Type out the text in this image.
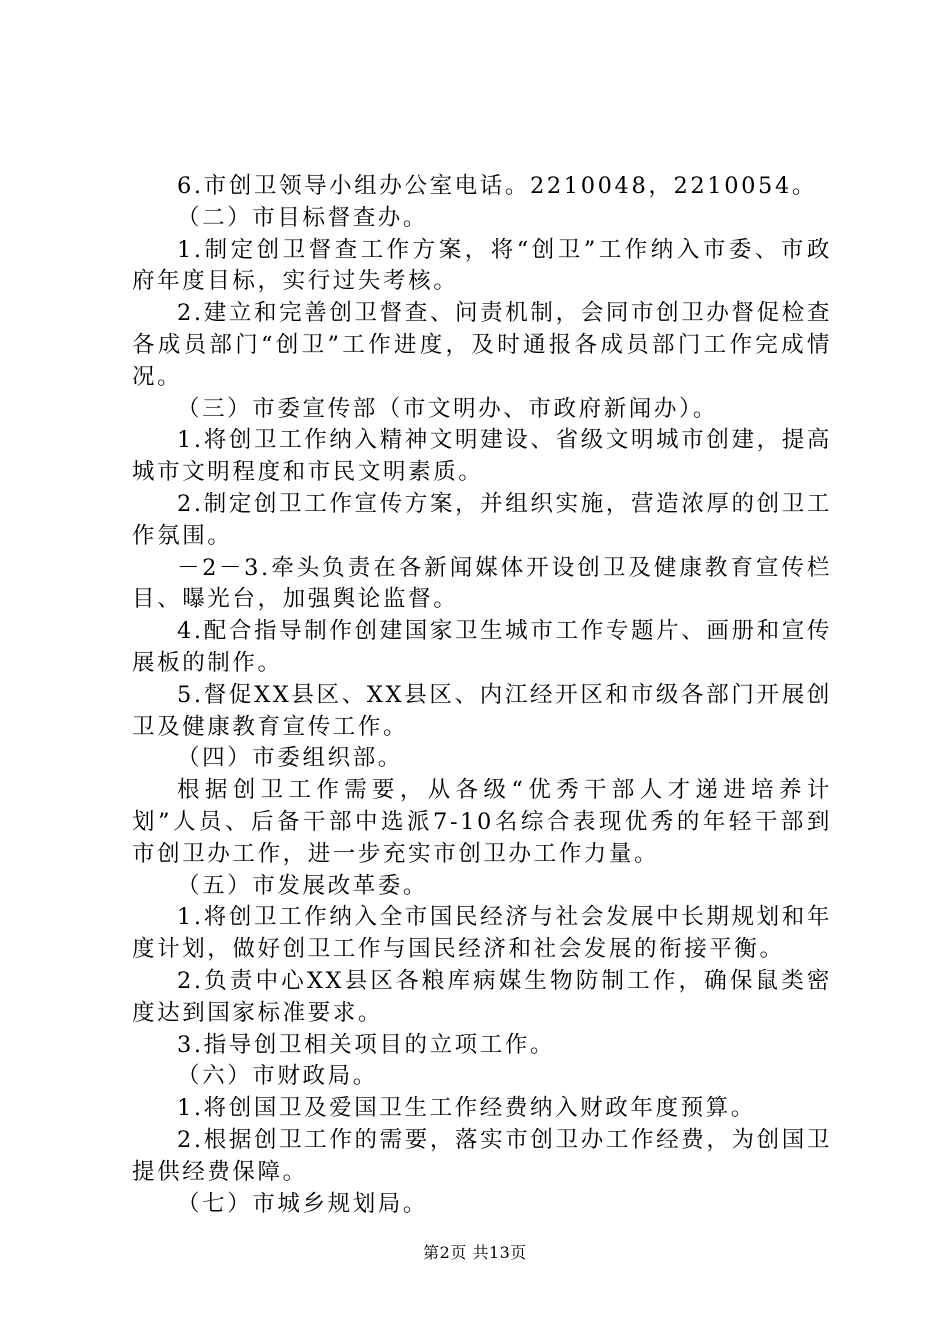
6.市创卫领导小组办公室电话。2210048，2210054。

（二）市目标督查办。

1.制定创卫督查工作方案，将“创卫”工作纳入市委、市政府年度目标，实行过失考核。

2.建立和完善创卫督查、问责机制，会同市创卫办督促检查各成员部门“创卫”工作进度，及时通报各成员部门工作完成情况。

（三）市委宣传部（市文明办、市政府新闻办）。

1.将创卫工作纳入精神文明建设、省级文明城市创建，提高城市文明程度和市民文明素质。

2.制定创卫工作宣传方案，并组织实施，营造浓厚的创卫工作氛围。

－2－3.牵头负责在各新闻媒体开设创卫及健康教育宣传栏目、曝光台，加强舆论监督。

4.配合指导制作创建国家卫生城市工作专题片、画册和宣传展板的制作。

5.督促XX县区、XX县区、内江经开区和市级各部门开展创卫及健康教育宣传工作。

（四）市委组织部。

根据创卫工作需要，从各级“优秀干部人才递进培养计划”人员、后备干部中选派7-10名综合表现优秀的年轻干部到市创卫办工作，进一步充实市创卫办工作力量。

（五）市发展改革委。

1.将创卫工作纳入全市国民经济与社会发展中长期规划和年度计划，做好创卫工作与国民经济和社会发展的衔接平衡。

2.负责中心XX县区各粮库病媒生物防制工作，确保鼠类密度达到国家标准要求。

3.指导创卫相关项目的立项工作。

（六）市财政局。

1.将创国卫及爱国卫生工作经费纳入财政年度预算。

2.根据创卫工作的需要，落实市创卫办工作经费，为创国卫提供经费保障。

（七）市城乡规划局。

第2页 共13页
